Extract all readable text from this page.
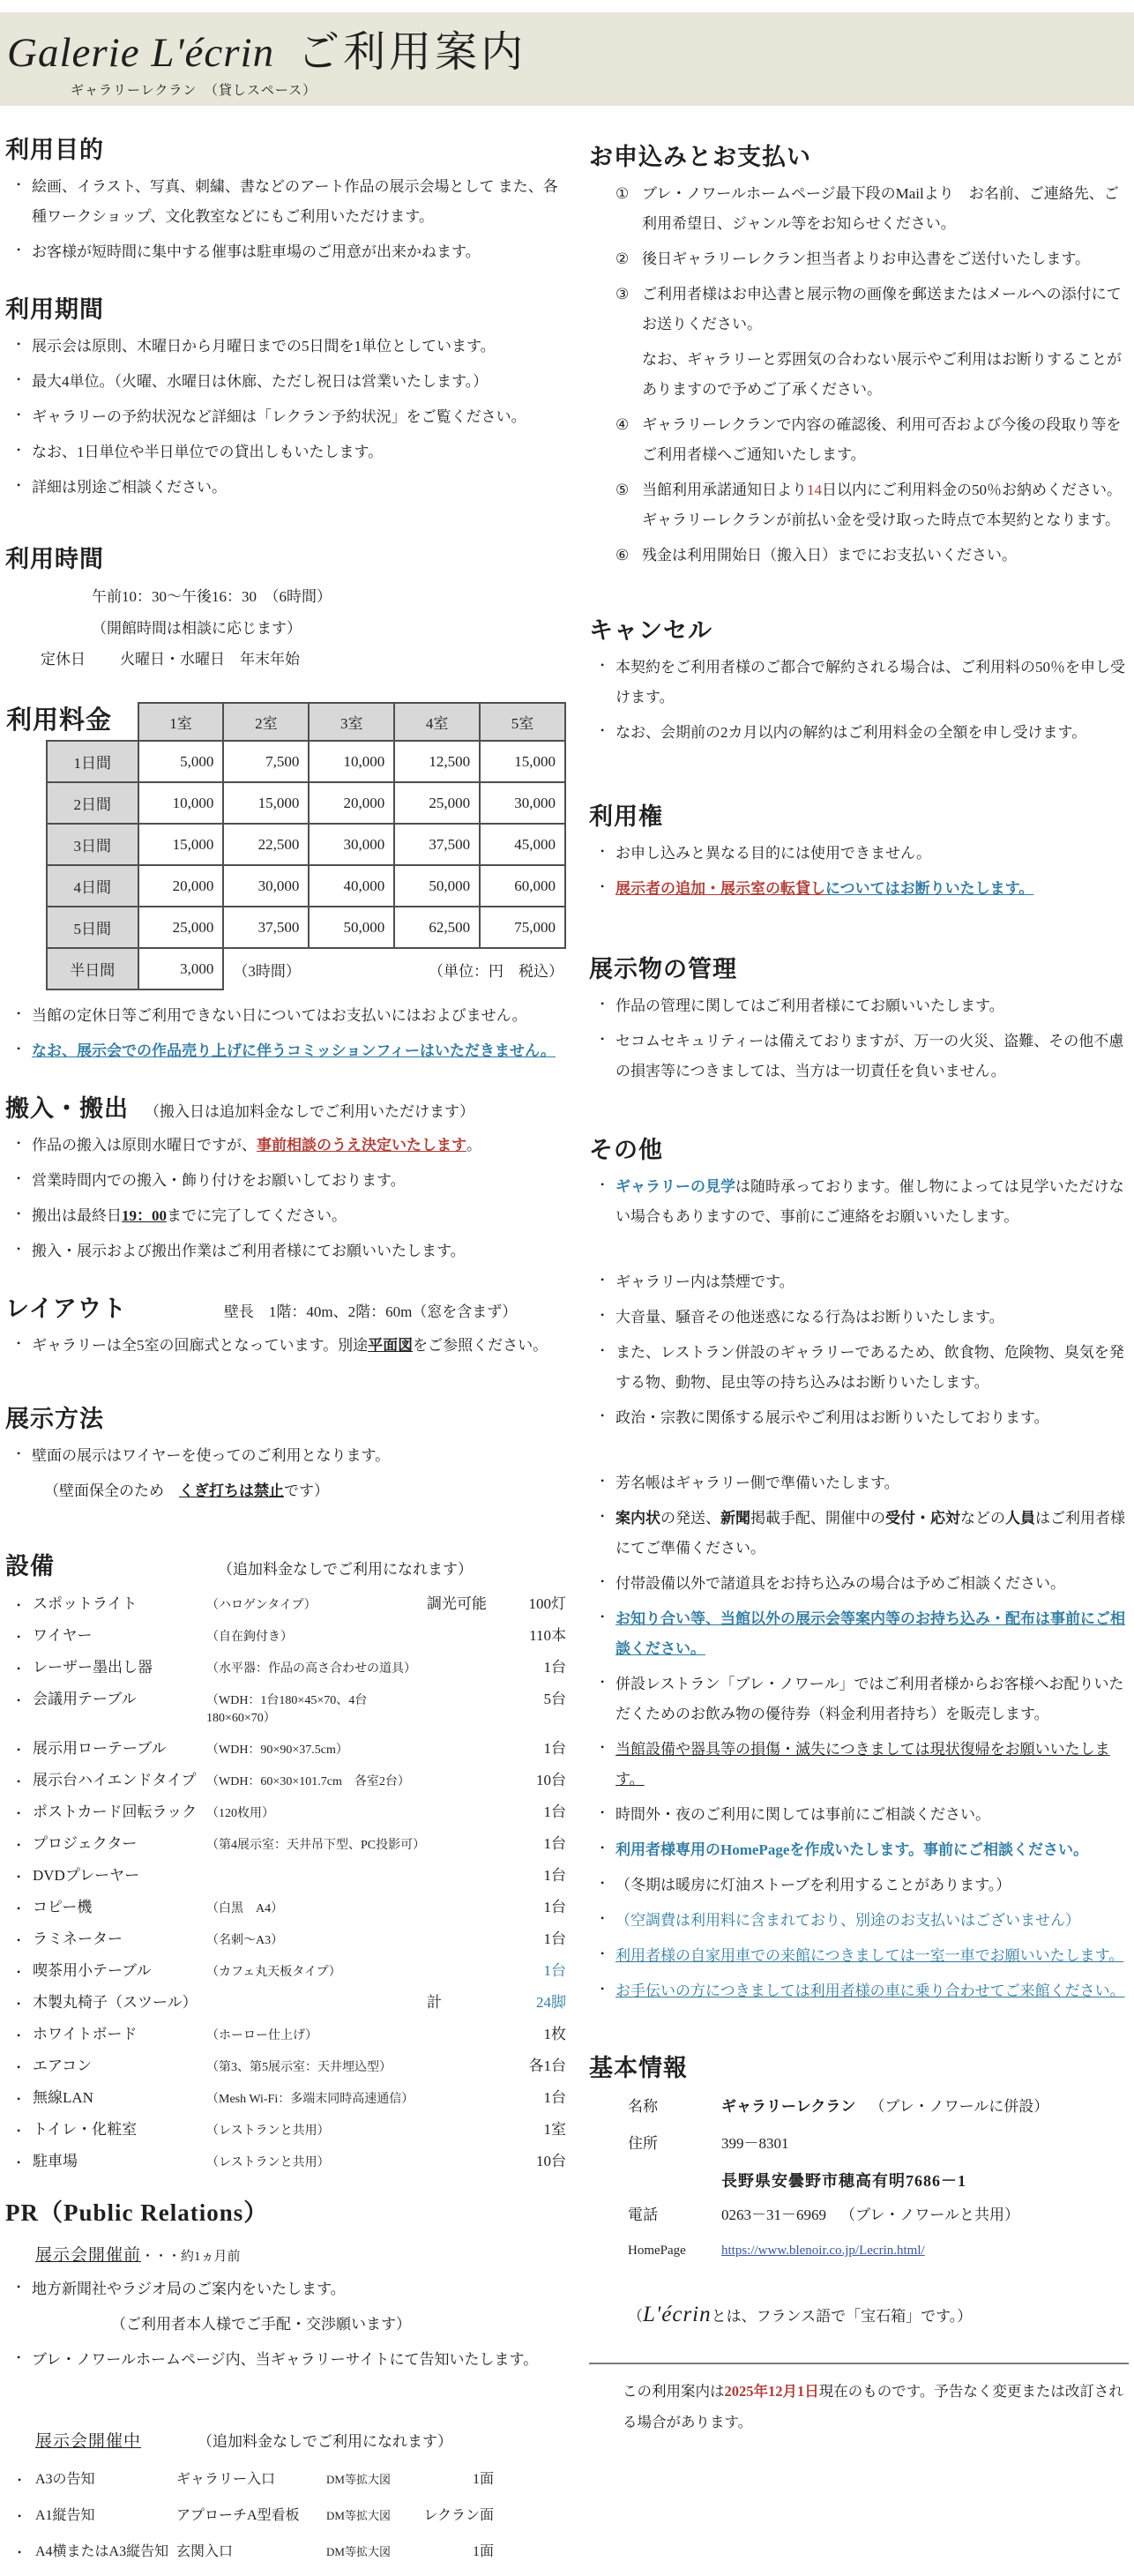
Galerie L'écrin ご利用案内
ギャラリーレクラン　（貸しスペース）
利用目的
• 絵画、イラスト、写真、刺繍、書などのアート作品の展示会場として また、各種ワークショップ、文化教室などにもご利用いただけます。
• お客様が短時間に集中する催事は駐車場のご用意が出来かねます。
利用期間
• 展示会は原則、木曜日から月曜日までの5日間を1単位としています。
• 最大4単位。（火曜、水曜日は休廊、ただし祝日は営業いたします。）
• ギャラリーの予約状況など詳細は「レクラン予約状況」をご覧ください。
• なお、1日単位や半日単位での貸出しもいたします。
• 詳細は別途ご相談ください。
利用時間
午前10：30～午後16：30　（6時間）
（開館時間は相談に応じます）
定休日	火曜日・水曜日　年末年始
利用料金	1室	2室	3室	4室	5室
1日間	5,000	7,500	10,000	12,500	15,000
2日間	10,000	15,000	20,000	25,000	30,000
3日間	15,000	22,500	30,000	37,500	45,000
4日間	20,000	30,000	40,000	50,000	60,000
5日間	25,000	37,500	50,000	62,500	75,000
半日間	3,000	（3時間）		（単位：円　税込）	
• 当館の定休日等ご利用できない日についてはお支払いにはおよびません。
• なお、展示会での作品売り上げに伴うコミッションフィーはいただきません。
搬入・搬出 （搬入日は追加料金なしでご利用いただけます）
• 作品の搬入は原則水曜日ですが、事前相談のうえ決定いたします。
• 営業時間内での搬入・飾り付けをお願いしております。
• 搬出は最終日19：00までに完了してください。
• 搬入・展示および搬出作業はご利用者様にてお願いいたします。
レイアウト	壁長　1階：40m、2階：60m（窓を含まず）
• ギャラリーは全5室の回廊式となっています。別途平面図をご参照ください。
展示方法
• 壁面の展示はワイヤーを使ってのご利用となります。
（壁面保全のため　くぎ打ちは禁止です）
設備	（追加料金なしでご利用になれます）
• スポットライト	（ハロゲンタイプ）	調光可能	100灯
• ワイヤー	（自在鉤付き）	110本
• レーザー墨出し器	（水平器：作品の高さ合わせの道具）	1台
• 会議用テーブル	（WDH：1台180×45×70、4台180×60×70）
5台
• 展示用ローテーブル	（WDH：90×90×37.5cm）	1台
• 展示台ハイエンドタイプ （WDH：60×30×101.7cm　各室2台）	10台
• ポストカード回転ラック （120枚用）	1台
• プロジェクター	（第4展示室：天井吊下型、PC投影可）	1台
• DVDプレーヤー	1台
• コピー機	（白黒　A4）	1台
• ラミネーター	（名刺～A3）	1台
• 喫茶用小テーブル	（カフェ丸天板タイプ）	1台
• 木製丸椅子（スツール）	計	24脚
• ホワイトボード	（ホーロー仕上げ）	1枚
• エアコン	（第3、第5展示室：天井埋込型）	各1台
• 無線LAN	（Mesh Wi-Fi：多端末同時高速通信）	1台
• トイレ・化粧室	（レストランと共用）	1室
• 駐車場	（レストランと共用）	10台
PR（Public Relations）
展示会開催前 ・・・約1ヵ月前
• 地方新聞社やラジオ局のご案内をいたします。
（ご利用者本人様でご手配・交渉願います）
• ブレ・ノワールホームページ内、当ギャラリーサイトにて告知いたします。
展示会開催中	（追加料金なしでご利用になれます）
• A3の告知	ギャラリー入口	DM等拡大図	1面
• A1縦告知	アプローチA型看板	DM等拡大図	レクラン面
• A4横またはA3縦告知 玄関入口	DM等拡大図	1面
お申込みとお支払い
① ブレ・ノワールホームページ最下段のMailより　お名前、ご連絡先、ご利用希望日、ジャンル等をお知らせください。
② 後日ギャラリーレクラン担当者よりお申込書をご送付いたします。
③ ご利用者様はお申込書と展示物の画像を郵送またはメールへの添付にてお送りください。
なお、ギャラリーと雰囲気の合わない展示やご利用はお断りすることがありますので予めご了承ください。
④ ギャラリーレクランで内容の確認後、利用可否および今後の段取り等をご利用者様へご通知いたします。
⑤ 当館利用承諾通知日より14日以内にご利用料金の50％お納めください。ギャラリーレクランが前払い金を受け取った時点で本契約となります。
⑥ 残金は利用開始日（搬入日）までにお支払いください。
キャンセル
• 本契約をご利用者様のご都合で解約される場合は、ご利用料の50％を申し受けます。
• なお、会期前の2カ月以内の解約はご利用料金の全額を申し受けます。
利用権
• お申し込みと異なる目的には使用できません。
• 展示者の追加・展示室の転貸しについてはお断りいたします。
展示物の管理
• 作品の管理に関してはご利用者様にてお願いいたします。
• セコムセキュリティーは備えておりますが、万一の火災、盗難、その他不慮の損害等につきましては、当方は一切責任を負いません。
その他
• ギャラリーの見学は随時承っております。催し物によっては見学いただけない場合もありますので、事前にご連絡をお願いいたします。
• ギャラリー内は禁煙です。
• 大音量、騒音その他迷惑になる行為はお断りいたします。
• また、レストラン併設のギャラリーであるため、飲食物、危険物、臭気を発する物、動物、昆虫等の持ち込みはお断りいたします。
• 政治・宗教に関係する展示やご利用はお断りいたしております。
• 芳名帳はギャラリー側で準備いたします。
• 案内状の発送、新聞掲載手配、開催中の受付・応対などの人員はご利用者様にてご準備ください。
• 付帯設備以外で諸道具をお持ち込みの場合は予めご相談ください。
• お知り合い等、当館以外の展示会等案内等のお持ち込み・配布は事前にご相談ください。
• 併設レストラン「ブレ・ノワール」ではご利用者様からお客様へお配りいただくためのお飲み物の優待券（料金利用者持ち）を販売します。
• 当館設備や器具等の損傷・滅失につきましては現状復帰をお願いいたします。
• 時間外・夜のご利用に関しては事前にご相談ください。
• 利用者様専用のHomePageを作成いたします。事前にご相談ください。
• （冬期は暖房に灯油ストーブを利用することがあります。）
• （空調費は利用料に含まれており、別途のお支払いはございません）
• 利用者様の自家用車での来館につきましては一室一車でお願いいたします。
• お手伝いの方につきましては利用者様の車に乗り合わせてご来館ください。
基本情報
名称	ギャラリーレクラン （ブレ・ノワールに併設）
住所	399－8301
長野県安曇野市穂高有明7686－1
電話	0263－31－6969 （ブレ・ノワールと共用）
HomePage	https://www.blenoir.co.jp/Lecrin.html/
（L'écrinとは、フランス語で「宝石箱」です。）
この利用案内は2025年12月1日現在のものです。予告なく変更または改訂される場合があります。
